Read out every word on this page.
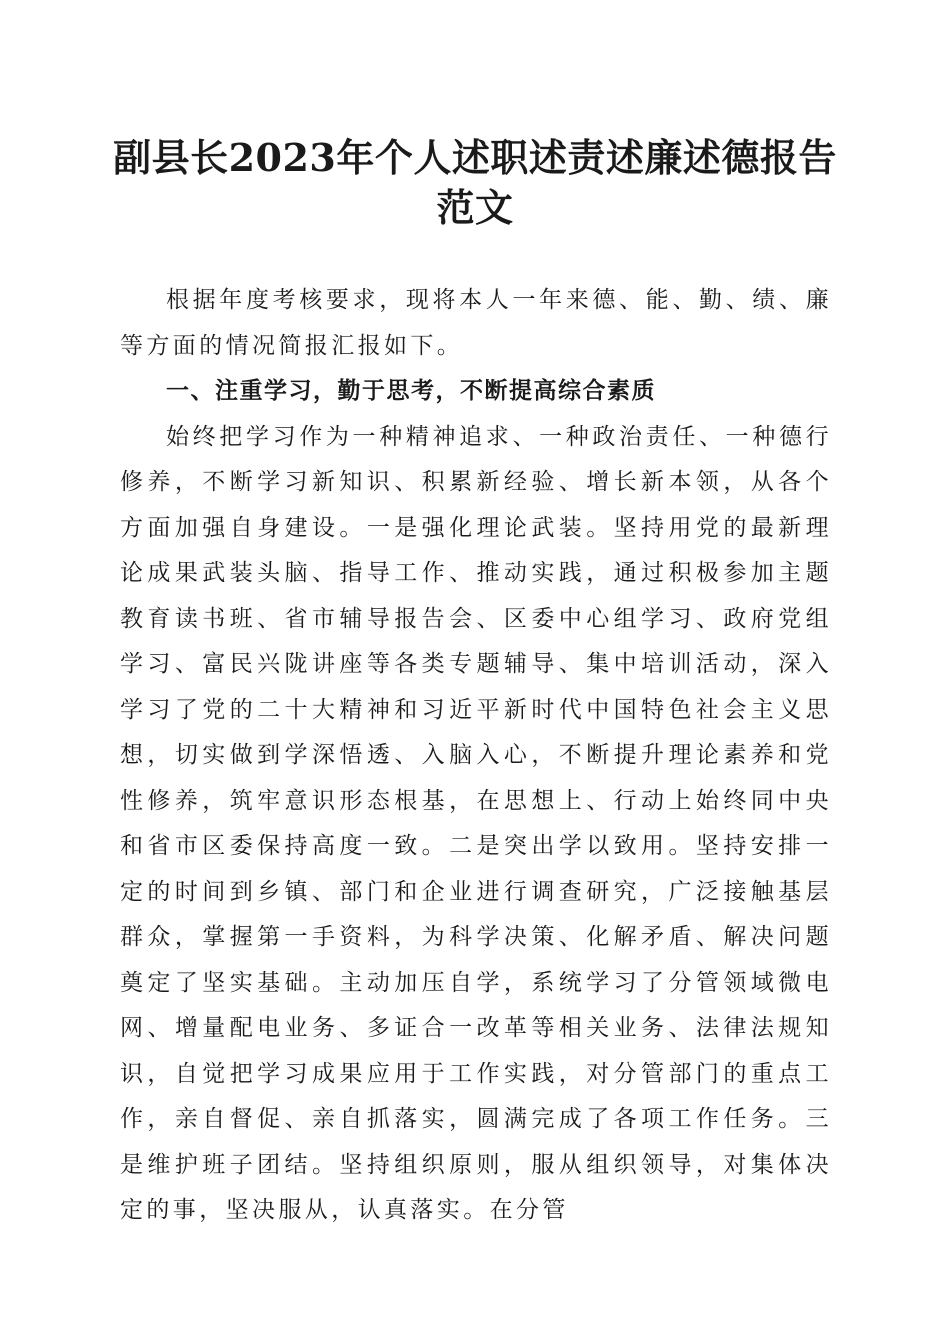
副县长2023年个人述职述责述廉述德报告范文

根据年度考核要求，现将本人一年来德、能、勤、绩、廉等方面的情况简报汇报如下。

一、注重学习，勤于思考，不断提高综合素质

始终把学习作为一种精神追求、一种政治责任、一种德行修养，不断学习新知识、积累新经验、增长新本领，从各个方面加强自身建设。一是强化理论武装。坚持用党的最新理论成果武装头脑、指导工作、推动实践，通过积极参加主题教育读书班、省市辅导报告会、区委中心组学习、政府党组学习、富民兴陇讲座等各类专题辅导、集中培训活动，深入学习了党的二十大精神和习近平新时代中国特色社会主义思想，切实做到学深悟透、入脑入心，不断提升理论素养和党性修养，筑牢意识形态根基，在思想上、行动上始终同中央和省市区委保持高度一致。二是突出学以致用。坚持安排一定的时间到乡镇、部门和企业进行调查研究，广泛接触基层群众，掌握第一手资料，为科学决策、化解矛盾、解决问题奠定了坚实基础。主动加压自学，系统学习了分管领域微电网、增量配电业务、多证合一改革等相关业务、法律法规知识，自觉把学习成果应用于工作实践，对分管部门的重点工作，亲自督促、亲自抓落实，圆满完成了各项工作任务。三是维护班子团结。坚持组织原则，服从组织领导，对集体决定的事，坚决服从，认真落实。在分管
